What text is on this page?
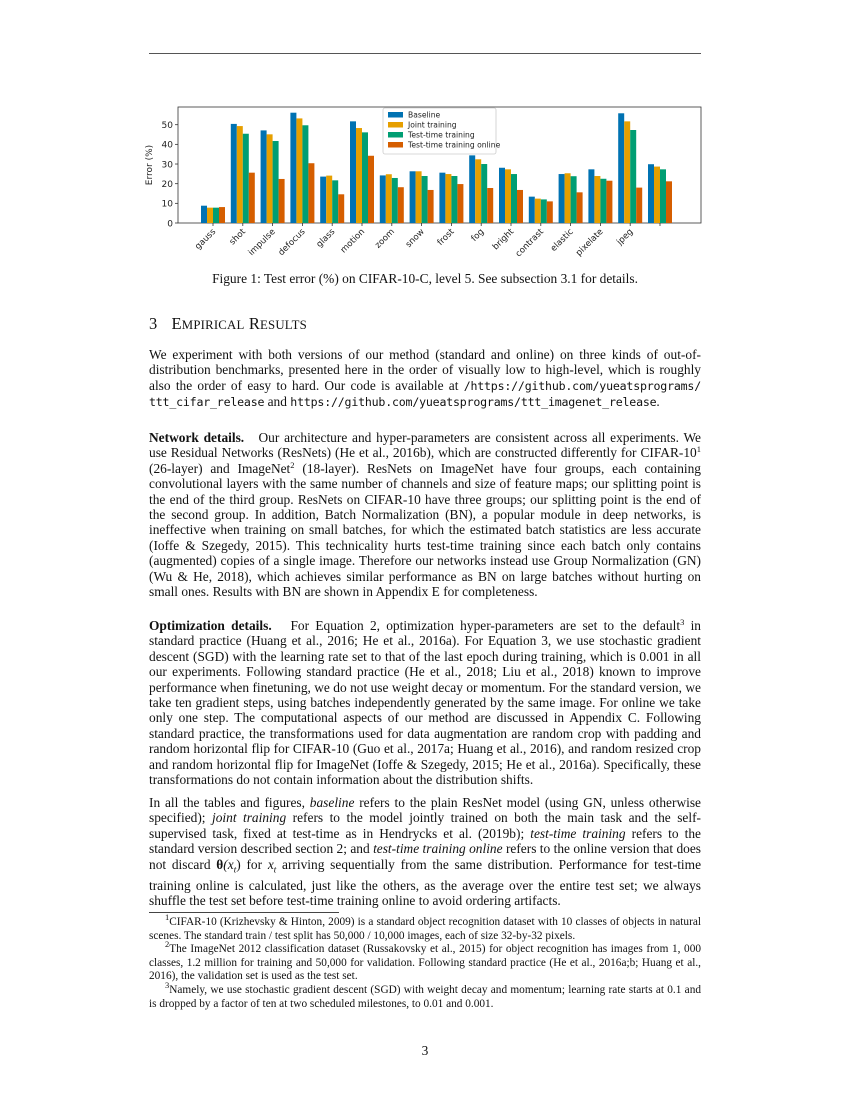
0
10
20
30
40
50
Error (%)
gauss shot
impulse
defocus glass motion zoom snow frost fog bright
contrast elastic
pixelate jpeg
Baseline
Joint training
Test-time training
Test-time training online
Figure 1: Test error (%) on CIFAR-10-C, level 5. See subsection 3.1 for details.
3 EMPIRICAL RESULTS
We experiment with both versions of our method (standard and online) on three kinds of out-of-distribution benchmarks, presented here in the order of visually low to high-level, which is roughly also the order of easy to hard. Our code is available at /https://github.com/yueatsprograms/ ttt_cifar_release and https://github.com/yueatsprograms/ttt_imagenet_release.
Network details.   Our architecture and hyper-parameters are consistent across all experiments. We use Residual Networks (ResNets) (He et al., 2016b), which are constructed differently for CIFAR-$10^1$ (26-layer) and ImageNet$^2$ (18-layer). ResNets on ImageNet have four groups, each containing convolutional layers with the same number of channels and size of feature maps; our splitting point is the end of the third group. ResNets on CIFAR-10 have three groups; our splitting point is the end of the second group. In addition, Batch Normalization (BN), a popular module in deep networks, is ineffective when training on small batches, for which the estimated batch statistics are less accurate (Ioffe & Szegedy, 2015). This technicality hurts test-time training since each batch only contains (augmented) copies of a single image. Therefore our networks instead use Group Normalization (GN) (Wu & He, 2018), which achieves similar performance as BN on large batches without hurting on small ones. Results with BN are shown in Appendix E for completeness.
Optimization details.   For Equation 2, optimization hyper-parameters are set to the default$^3$ in standard practice (Huang et al., 2016; He et al., 2016a). For Equation 3, we use stochastic gradient descent (SGD) with the learning rate set to that of the last epoch during training, which is 0.001 in all our experiments. Following standard practice (He et al., 2018; Liu et al., 2018) known to improve performance when finetuning, we do not use weight decay or momentum. For the standard version, we take ten gradient steps, using batches independently generated by the same image. For online we take only one step. The computational aspects of our method are discussed in Appendix C. Following standard practice, the transformations used for data augmentation are random crop with padding and random horizontal flip for CIFAR-10 (Guo et al., 2017a; Huang et al., 2016), and random resized crop and random horizontal flip for ImageNet (Ioffe & Szegedy, 2015; He et al., 2016a). Specifically, these transformations do not contain information about the distribution shifts.
In all the tables and figures, baseline refers to the plain ResNet model (using GN, unless otherwise specified); joint training refers to the model jointly trained on both the main task and the self-supervised task, fixed at test-time as in Hendrycks et al. (2019b); test-time training refers to the standard version described section 2; and test-time training online refers to the online version that does not discard $\theta(x_t)$ for $x_t$ arriving sequentially from the same distribution. Performance for test-time training online is calculated, just like the others, as the average over the entire test set; we always shuffle the test set before test-time training online to avoid ordering artifacts.

$^1$CIFAR-10 (Krizhevsky & Hinton, 2009) is a standard object recognition dataset with 10 classes of objects in natural scenes. The standard train / test split has 50,000 / 10,000 images, each of size 32-by-32 pixels.

$^2$The ImageNet 2012 classification dataset (Russakovsky et al., 2015) for object recognition has images from 1, 000 classes, 1.2 million for training and 50,000 for validation. Following standard practice (He et al., 2016a;b; Huang et al., 2016), the validation set is used as the test set.

$^3$Namely, we use stochastic gradient descent (SGD) with weight decay and momentum; learning rate starts at 0.1 and is dropped by a factor of ten at two scheduled milestones, to 0.01 and 0.001.

3
